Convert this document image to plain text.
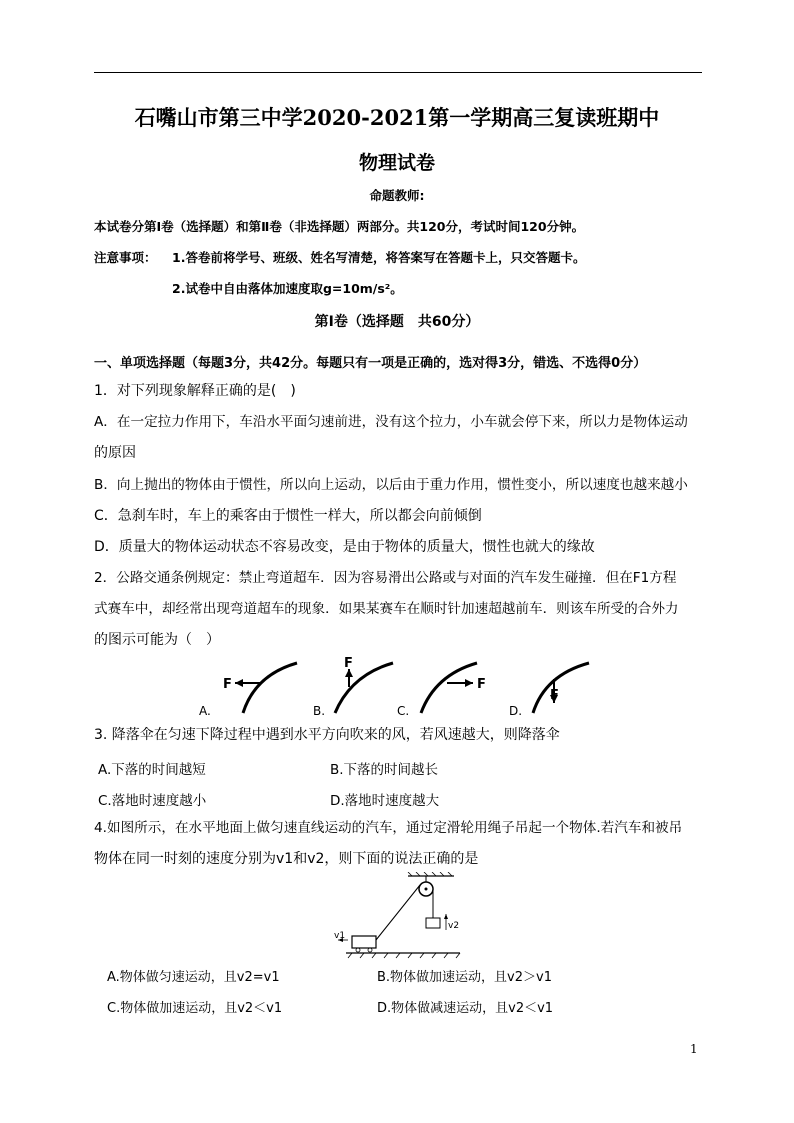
石嘴山市第三中学2020-2021第一学期高三复读班期中
物理试卷
命题教师:
本试卷分第Ⅰ卷（选择题）和第Ⅱ卷（非选择题）两部分。共120分，考试时间120分钟。
注意事项： 1.答卷前将学号、班级、姓名写清楚，将答案写在答题卡上，只交答题卡。
2.试卷中自由落体加速度取g=10m/s²。
第Ⅰ卷（选择题　共60分）
一、单项选择题（每题3分，共42分。每题只有一项是正确的，选对得3分，错选、不选得0分）
1．对下列现象解释正确的是(　)
A．在一定拉力作用下，车沿水平面匀速前进，没有这个拉力，小车就会停下来，所以力是物体运动
的原因
B．向上抛出的物体由于惯性，所以向上运动，以后由于重力作用，惯性变小，所以速度也越来越小
C．急刹车时，车上的乘客由于惯性一样大，所以都会向前倾倒
D．质量大的物体运动状态不容易改变，是由于物体的质量大，惯性也就大的缘故
2．公路交通条例规定：禁止弯道超车．因为容易滑出公路或与对面的汽车发生碰撞．但在F1方程
式赛车中，却经常出现弯道超车的现象．如果某赛车在顺时针加速超越前车．则该车所受的合外力
的图示可能为（　）
F
A.
F
B.
F
C.
F
D.
3. 降落伞在匀速下降过程中遇到水平方向吹来的风，若风速越大，则降落伞
A.下落的时间越短	B.下落的时间越长
C.落地时速度越小	D.落地时速度越大
4.如图所示，在水平地面上做匀速直线运动的汽车，通过定滑轮用绳子吊起一个物体.若汽车和被吊
物体在同一时刻的速度分别为v1和v2，则下面的说法正确的是
v2
v1
A.物体做匀速运动，且v2=v1	B.物体做加速运动，且v2＞v1
C.物体做加速运动，且v2＜v1	D.物体做减速运动，且v2＜v1
1
